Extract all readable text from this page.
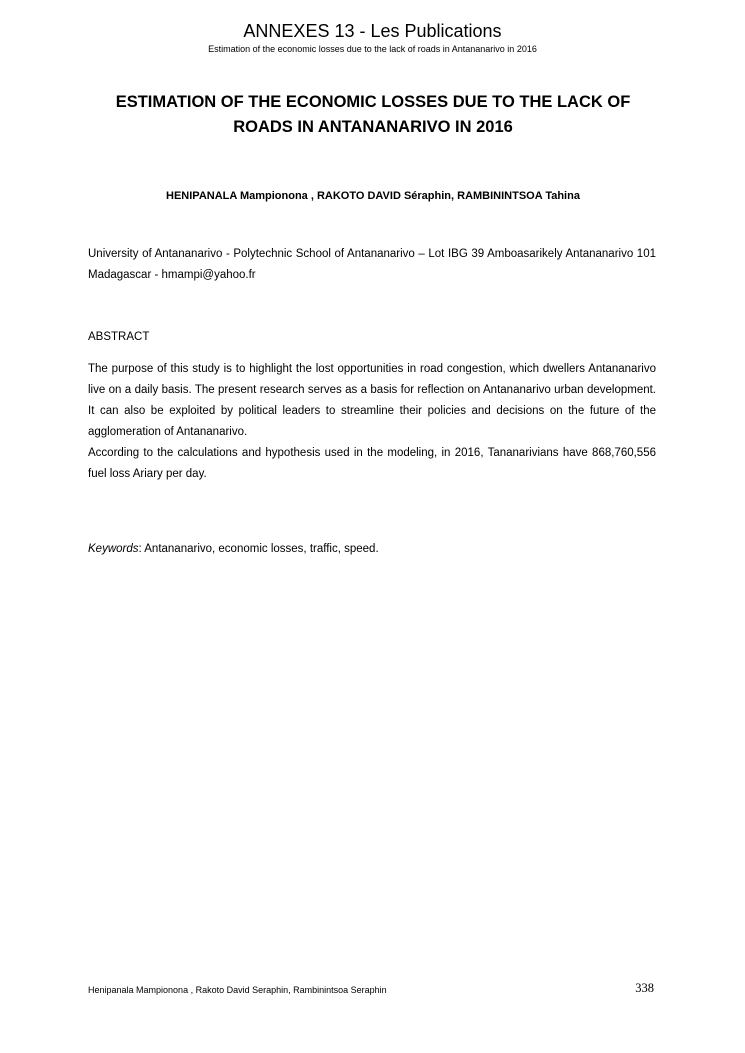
ANNEXES 13 - Les Publications
Estimation of the economic losses due to the lack of roads in Antananarivo in 2016
ESTIMATION OF THE ECONOMIC LOSSES DUE TO THE LACK OF
ROADS IN ANTANANARIVO IN 2016
HENIPANALA Mampionona , RAKOTO DAVID Séraphin, RAMBININTSOA Tahina
University of Antananarivo - Polytechnic School of Antananarivo – Lot IBG 39 Amboasarikely Antananarivo 101 Madagascar - hmampi@yahoo.fr
ABSTRACT

The purpose of this study is to highlight the lost opportunities in road congestion, which dwellers Antananarivo live on a daily basis. The present research serves as a basis for reflection on Antananarivo urban development. It can also be exploited by political leaders to streamline their policies and decisions on the future of the agglomeration of Antananarivo.

According to the calculations and hypothesis used in the modeling, in 2016, Tananarivians have 868,760,556 fuel loss Ariary per day.

Keywords: Antananarivo, economic losses, traffic, speed.
Henipanala Mampionona , Rakoto David Seraphin, Rambinintsoa Seraphin	338
